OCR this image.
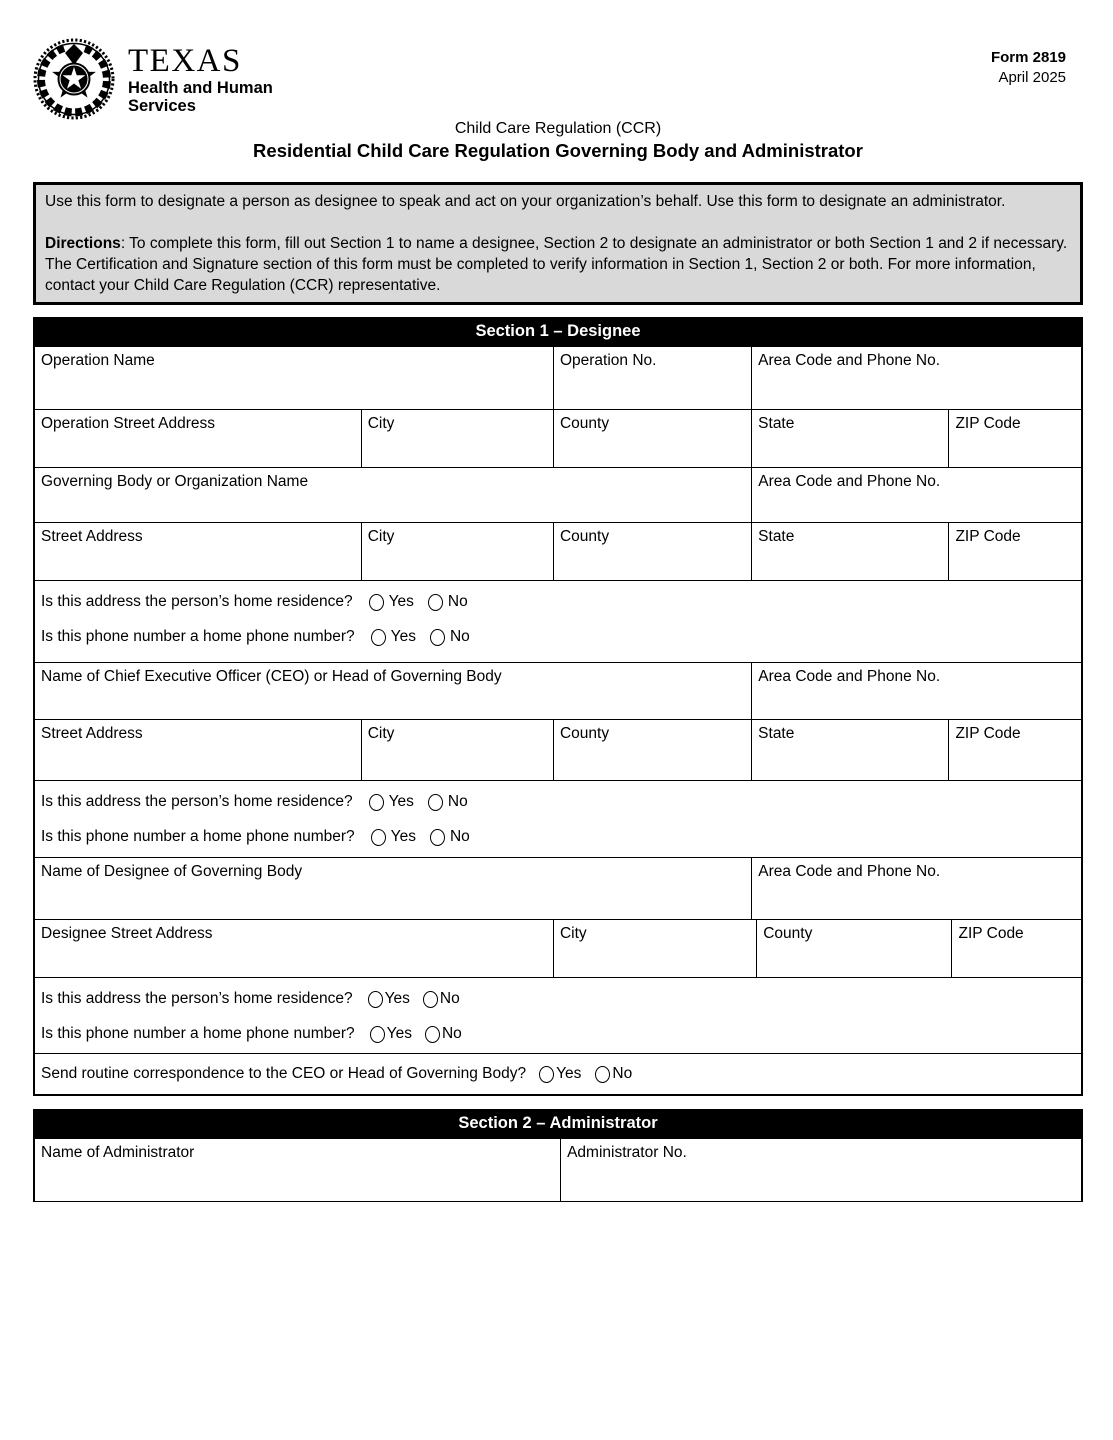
TEXAS
Health and Human
Services
Form 2819
April 2025
Child Care Regulation (CCR)
Residential Child Care Regulation Governing Body and Administrator

Use this form to designate a person as designee to speak and act on your organization’s behalf. Use this form to designate an administrator.

Directions: To complete this form, fill out Section 1 to name a designee, Section 2 to designate an administrator or both Section 1 and 2 if necessary. The Certification and Signature section of this form must be completed to verify information in Section 1, Section 2 or both. For more information, contact your Child Care Regulation (CCR) representative.

Section 1 – Designee
Operation Name	Operation No.	Area Code and Phone No.
Operation Street Address	City	County	State	ZIP Code
Governing Body or Organization Name	Area Code and Phone No.
Street Address	City	County	State	ZIP Code
Is this address the person’s home residence? Yes No
Is this phone number a home phone number? Yes No
Name of Chief Executive Officer (CEO) or Head of Governing Body	Area Code and Phone No.
Street Address	City	County	State	ZIP Code
Is this address the person’s home residence? Yes No
Is this phone number a home phone number? Yes No
Name of Designee of Governing Body	Area Code and Phone No.
Designee Street Address	City	County	ZIP Code
Is this address the person’s home residence? Yes No
Is this phone number a home phone number? Yes No
Send routine correspondence to the CEO or Head of Governing Body? Yes No
Section 2 – Administrator
Name of Administrator	Administrator No.
